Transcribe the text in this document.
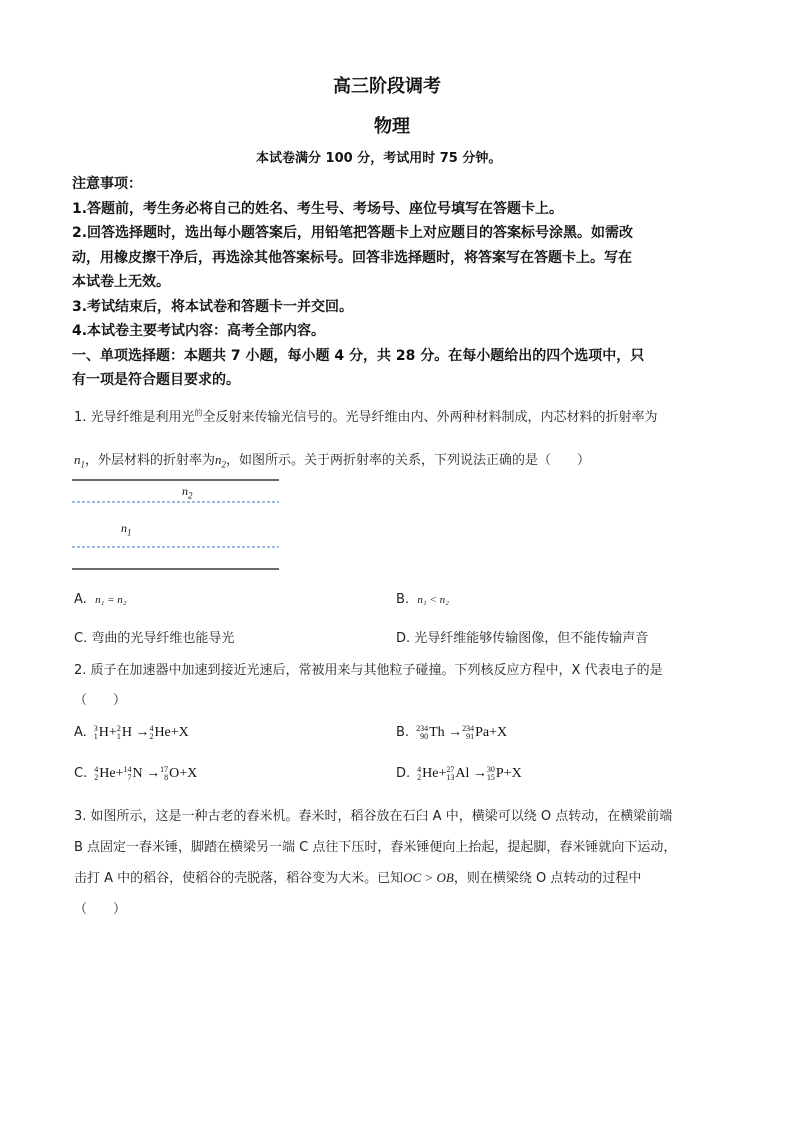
高三阶段调考
物理
本试卷满分 100 分，考试用时 75 分钟。
注意事项：
1.答题前，考生务必将自己的姓名、考生号、考场号、座位号填写在答题卡上。
2.回答选择题时，选出每小题答案后，用铅笔把答题卡上对应题目的答案标号涂黑。如需改
动，用橡皮擦干净后，再选涂其他答案标号。回答非选择题时，将答案写在答题卡上。写在
本试卷上无效。
3.考试结束后，将本试卷和答题卡一并交回。
4.本试卷主要考试内容：高考全部内容。
一、单项选择题：本题共 7 小题，每小题 4 分，共 28 分。在每小题给出的四个选项中，只
有一项是符合题目要求的。
1. 光导纤维是利用光$^的$全反射来传输光信号的。光导纤维由内、外两种材料制成，内芯材料的折射率为
$n_1$，外层材料的折射率为$n_2$，如图所示。关于两折射率的关系，下列说法正确的是（　　）
$n_2$
$n_1$
A. n₁ = n₂	B. n₁ < n₂
C. 弯曲的光导纤维也能导光	D. 光导纤维能够传输图像，但不能传输声音
2. 质子在加速器中加速到接近光速后，常被用来与其他粒子碰撞。下列核反应方程中，X 代表电子的是
（　　）
A. 3
1 H+ 2
1 H → 4
2 He+X	B. 234
90 Th → 234
91 Pa+X
C. 4
2 He+ 14
7 N → 17
8 O+X	D. 4
2 He+ 27
13 Al → 30
15 P+X
3. 如图所示，这是一种古老的舂米机。舂米时，稻谷放在石臼 A 中，横梁可以绕 O 点转动，在横梁前端
B 点固定一舂米锤，脚踏在横梁另一端 C 点往下压时，舂米锤便向上抬起，提起脚，舂米锤就向下运动，
击打 A 中的稻谷，使稻谷的壳脱落，稻谷变为大米。已知OC > OB，则在横梁绕 O 点转动的过程中
（　　）
